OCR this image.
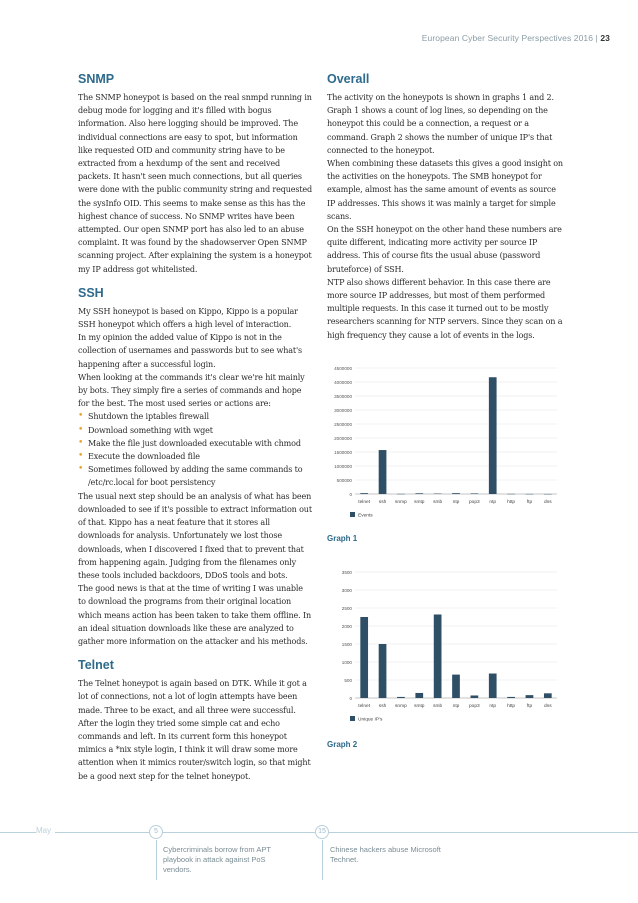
European Cyber Security Perspectives 2016 | 23
SNMP

The SNMP honeypot is based on the real snmpd running in debug mode for logging and it's filled with bogus information. Also here logging should be improved. The individual connections are easy to spot, but information like requested OID and community string have to be extracted from a hexdump of the sent and received packets. It hasn't seen much connections, but all queries were done with the public community string and requested the sysInfo OID. This seems to make sense as this has the highest chance of success. No SNMP writes have been attempted. Our open SNMP port has also led to an abuse complaint. It was found by the shadowserver Open SNMP scanning project. After explaining the system is a honeypot my IP address got whitelisted.

SSH

My SSH honeypot is based on Kippo, Kippo is a popular SSH honeypot which offers a high level of interaction.

In my opinion the added value of Kippo is not in the collection of usernames and passwords but to see what's happening after a successful login.

When looking at the commands it's clear we're hit mainly by bots. They simply fire a series of commands and hope for the best. The most used series or actions are:

• Shutdown the iptables firewall
• Download something with wget
• Make the file just downloaded executable with chmod
• Execute the downloaded file
• Sometimes followed by adding the same commands to /etc/rc.local for boot persistency

The usual next step should be an analysis of what has been downloaded to see if it's possible to extract information out of that. Kippo has a neat feature that it stores all downloads for analysis. Unfortunately we lost those downloads, when I discovered I fixed that to prevent that from happening again. Judging from the filenames only these tools included backdoors, DDoS tools and bots.

The good news is that at the time of writing I was unable to download the programs from their original location which means action has been taken to take them offline. In an ideal situation downloads like these are analyzed to gather more information on the attacker and his methods.

Telnet

The Telnet honeypot is again based on DTK. While it got a lot of connections, not a lot of login attempts have been made. Three to be exact, and all three were successful. After the login they tried some simple cat and echo commands and left. In its current form this honeypot mimics a *nix style login, I think it will draw some more attention when it mimics router/switch login, so that might be a good next step for the telnet honeypot.

Overall

The activity on the honeypots is shown in graphs 1 and 2. Graph 1 shows a count of log lines, so depending on the honeypot this could be a connection, a request or a command. Graph 2 shows the number of unique IP's that connected to the honeypot.

When combining these datasets this gives a good insight on the activities on the honeypots. The SMB honeypot for example, almost has the same amount of events as source IP addresses. This shows it was mainly a target for simple scans.

On the SSH honeypot on the other hand these numbers are quite different, indicating more activity per source IP address. This of course fits the usual abuse (password bruteforce) of SSH.

NTP also shows different behavior. In this case there are more source IP addresses, but most of them performed multiple requests. In this case it turned out to be mostly researchers scanning for NTP servers. Since they scan on a high frequency they cause a lot of events in the logs.

0
500000
1000000
1500000
2000000
2500000
3000000
3500000
4000000
4500000
telnet ssh snmp smtp smb ntp pop3 ntp http ftp dns
Events
Graph 1
0
500
1000
1500
2000
2500
3000
3500
telnet ssh snmp smtp smb ntp pop3 ntp http ftp dns
Unique IP's
Graph 2
May	5
Cybercriminals borrow from APT playbook in attack against PoS vendors.
15
Chinese hackers abuse Microsoft Technet.
